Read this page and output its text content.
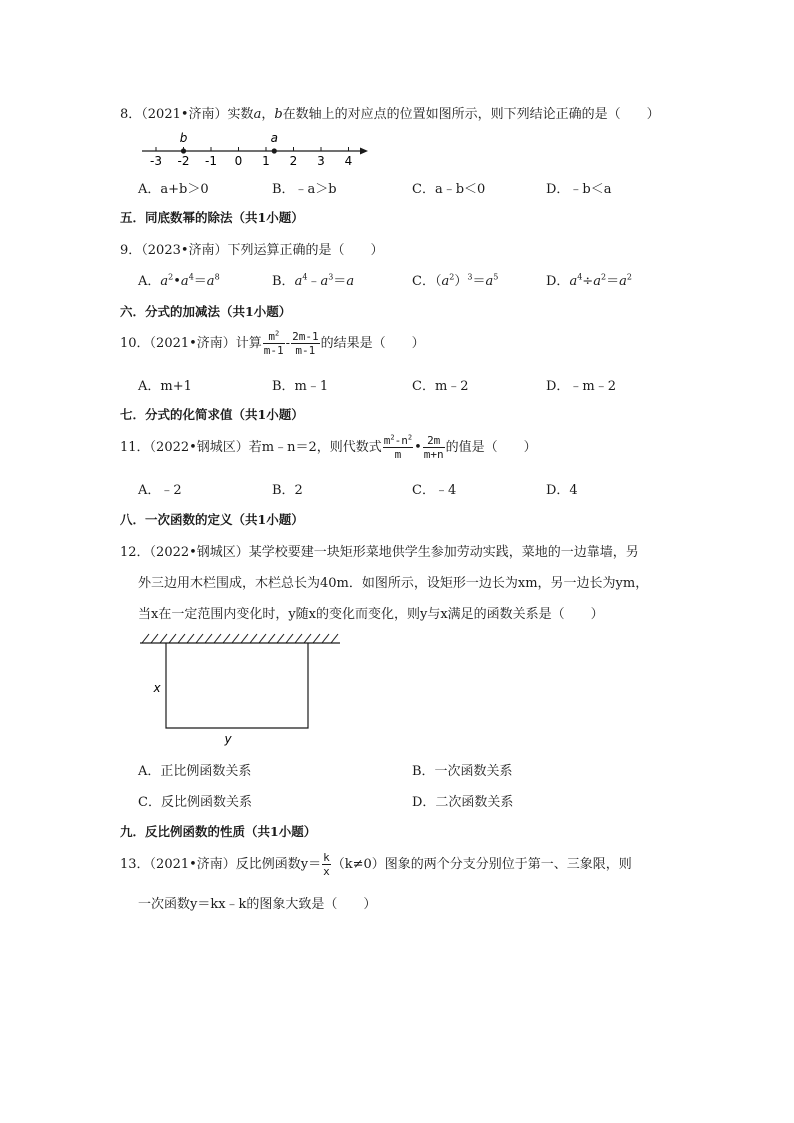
8．（2021•济南）实数a，b在数轴上的对应点的位置如图所示，则下列结论正确的是（　　）
-3 -2 -1 0 1 2 3 4
b	a
A．a+b＞0	B．﹣a＞b	C．a﹣b＜0	D．﹣b＜a
五．同底数幂的除法（共1小题）
9．（2023•济南）下列运算正确的是（　　）
A．$a^2•a^4=a^8$	B．$a^4﹣a^3=a$	C．$(a^2)^3=a^5$	D．$a^4\div a^2=a^2$
六．分式的加减法（共1小题）
10．（2021•济南）计算 $\frac{m^2}{m-1} - \frac{2m-1}{m-1}$ 的结果是（　　）
A．m+1	B．m﹣1	C．m﹣2	D．﹣m﹣2
七．分式的化简求值（共1小题）
11．（2022•钢城区）若m﹣n＝2，则代数式 $\frac{m^2-n^2}{m}$ • $\frac{2m}{m+n}$ 的值是（　　）
A．﹣2	B．2	C．﹣4	D．4
八．一次函数的定义（共1小题）
12．（2022•钢城区）某学校要建一块矩形菜地供学生参加劳动实践，菜地的一边靠墙，另
外三边用木栏围成，木栏总长为40m．如图所示，设矩形一边长为xm，另一边长为ym，
当x在一定范围内变化时，y随x的变化而变化，则y与x满足的函数关系是（　　）
x
y
A．正比例函数关系	B．一次函数关系
C．反比例函数关系	D．二次函数关系
九．反比例函数的性质（共1小题）
13．（2021•济南）反比例函数$y= \frac{k}{x} (k\ne 0)$图象的两个分支分别位于第一、三象限，则
一次函数y＝kx﹣k的图象大致是（　　）
